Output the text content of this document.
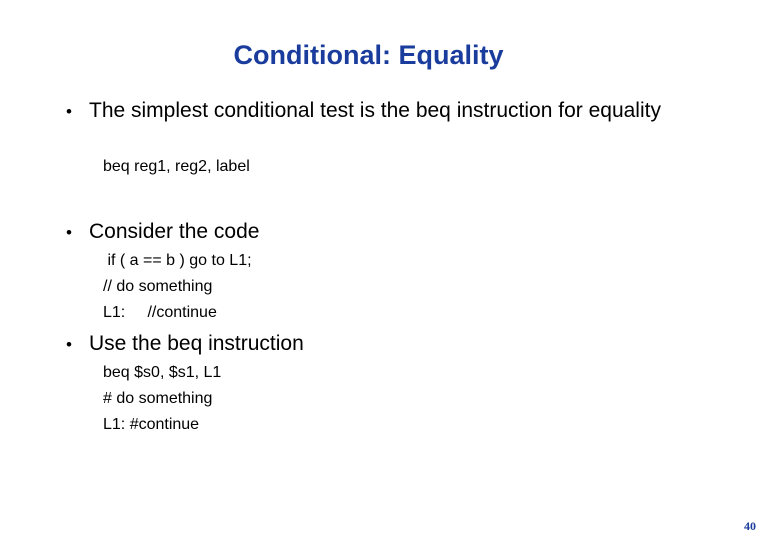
Conditional: Equality
• The simplest conditional test is the beq instruction for equality
beq reg1, reg2, label
• Consider the code
if ( a == b ) go to L1;
// do something
L1:     //continue
• Use the beq instruction
beq $s0, $s1, L1
# do something
L1: #continue
40
